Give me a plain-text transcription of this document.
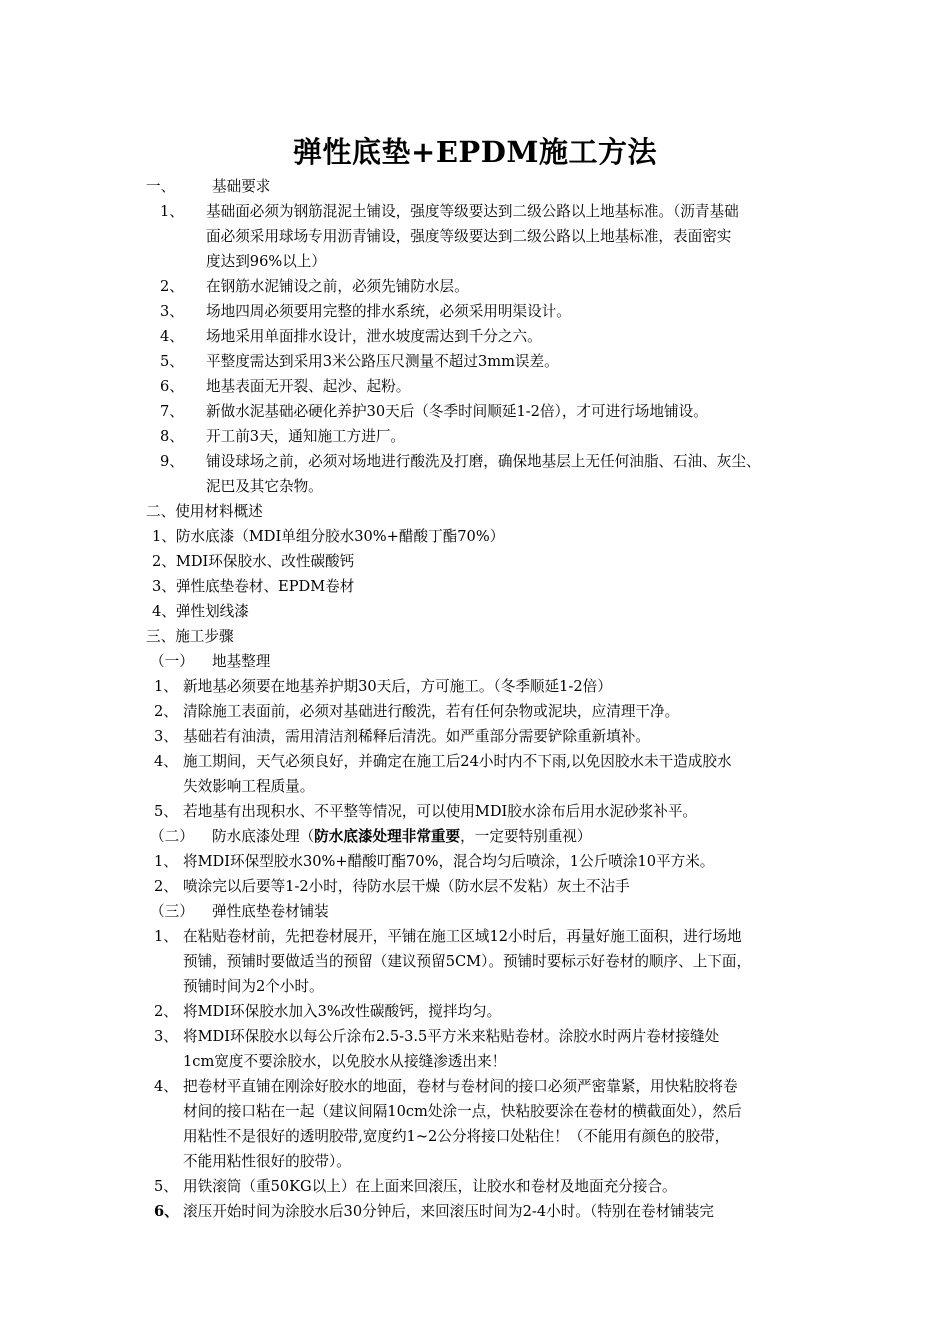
弹性底垫+EPDM施工方法
一、	基础要求
1、 基础面必须为钢筋混泥土铺设，强度等级要达到二级公路以上地基标准。（沥青基础
面必须采用球场专用沥青铺设，强度等级要达到二级公路以上地基标准，表面密实
度达到96%以上）
2、 在钢筋水泥铺设之前，必须先铺防水层。
3、 场地四周必须要用完整的排水系统，必须采用明渠设计。
4、 场地采用单面排水设计，泄水坡度需达到千分之六。
5、 平整度需达到采用3米公路压尺测量不超过3mm误差。
6、 地基表面无开裂、起沙、起粉。
7、 新做水泥基础必硬化养护30天后（冬季时间顺延1-2倍），才可进行场地铺设。
8、 开工前3天，通知施工方进厂。
9、 铺设球场之前，必须对场地进行酸洗及打磨，确保地基层上无任何油脂、石油、灰尘、
泥巴及其它杂物。
二、使用材料概述
1、防水底漆（MDI单组分胶水30%+醋酸丁酯70%）
2、MDI环保胶水、改性碳酸钙
3、弹性底垫卷材、EPDM卷材
4、弹性划线漆
三、施工步骤
（一） 地基整理
1、 新地基必须要在地基养护期30天后，方可施工。（冬季顺延1-2倍）
2、 清除施工表面前，必须对基础进行酸洗，若有任何杂物或泥块，应清理干净。
3、 基础若有油渍，需用清洁剂稀释后清洗。如严重部分需要铲除重新填补。
4、 施工期间，天气必须良好，并确定在施工后24小时内不下雨,以免因胶水未干造成胶水
失效影响工程质量。
5、 若地基有出现积水、不平整等情况，可以使用MDI胶水涂布后用水泥砂浆补平。
（二） 防水底漆处理（防水底漆处理非常重要，一定要特别重视）
1、 将MDI环保型胶水30%+醋酸叮酯70%，混合均匀后喷涂，1公斤喷涂10平方米。
2、 喷涂完以后要等1-2小时，待防水层干燥（防水层不发粘）灰土不沾手
（三） 弹性底垫卷材铺装
1、 在粘贴卷材前，先把卷材展开，平铺在施工区域12小时后，再量好施工面积，进行场地
预铺，预铺时要做适当的预留（建议预留5CM）。预铺时要标示好卷材的顺序、上下面，
预铺时间为2个小时。
2、 将MDI环保胶水加入3%改性碳酸钙，搅拌均匀。
3、 将MDI环保胶水以每公斤涂布2.5-3.5平方米来粘贴卷材。涂胶水时两片卷材接缝处
1cm宽度不要涂胶水，以免胶水从接缝渗透出来！
4、 把卷材平直铺在刚涂好胶水的地面，卷材与卷材间的接口必须严密靠紧，用快粘胶将卷
材间的接口粘在一起（建议间隔10cm处涂一点，快粘胶要涂在卷材的横截面处），然后
用粘性不是很好的透明胶带,宽度约1~2公分将接口处粘住！（不能用有颜色的胶带，
不能用粘性很好的胶带）。
5、 用铁滚筒（重50KG以上）在上面来回滚压，让胶水和卷材及地面充分接合。
6、 滚压开始时间为涂胶水后30分钟后，来回滚压时间为2-4小时。（特别在卷材铺装完
